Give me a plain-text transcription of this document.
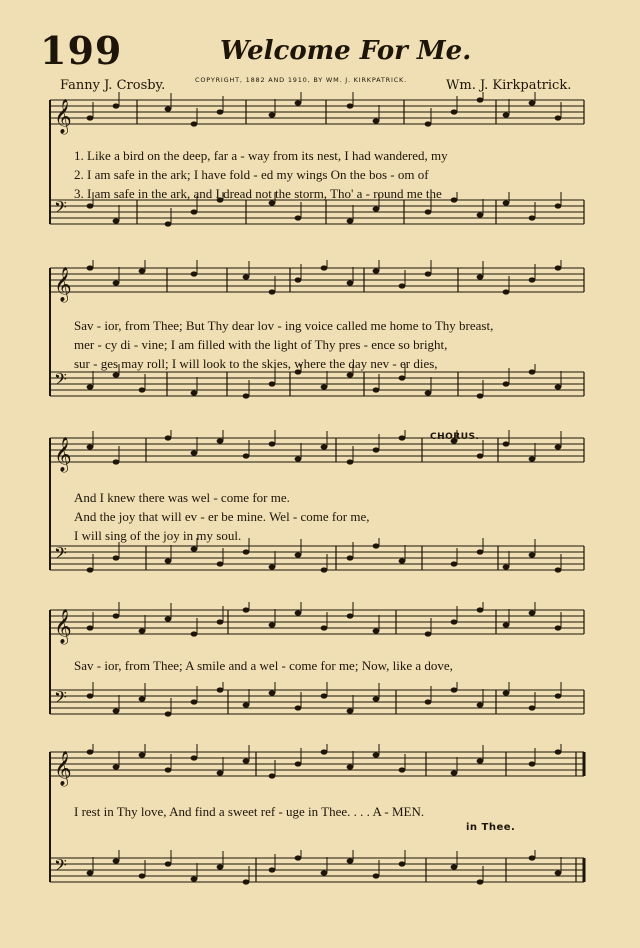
199	Welcome For Me.
Fanny J. Crosby.	COPYRIGHT, 1882 AND 1910, BY WM. J. KIRKPATRICK.	Wm. J. Kirkpatrick.
𝄞
𝄢
𝄞
𝄢
𝄞
𝄢
𝄞
𝄢
𝄞
𝄢
1. Like a bird on the deep, far a - way from its nest, I had wandered, my
2. I am safe in the ark; I have fold - ed my wings On the bos - om of
3. I am safe in the ark, and I dread not the storm, Tho' a - round me the
Sav - ior, from Thee; But Thy dear lov - ing voice called me home to Thy breast,
mer - cy di - vine; I am filled with the light of Thy pres - ence so bright,
sur - ges may roll; I will look to the skies, where the day nev - er dies,
CHORUS.
And I knew there was wel - come for me.
And the joy that will ev - er be mine. Wel - come for me,
I will sing of the joy in my soul.
Sav - ior, from Thee; A smile and a wel - come for me; Now, like a dove,
I rest in Thy love, And find a sweet ref - uge in Thee. . . . A - MEN.
in Thee.
